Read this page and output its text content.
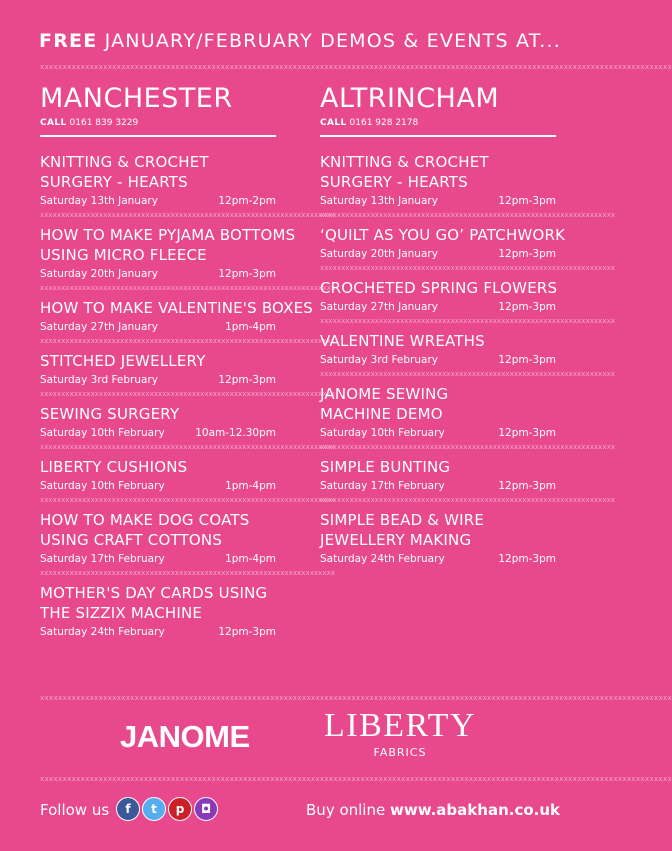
FREE JANUARY/FEBRUARY DEMOS & EVENTS AT...
xxxxxxxxxxxxxxxxxxxxxxxxxxxxxxxxxxxxxxxxxxxxxxxxxxxxxxxxxxxxxxxxxxxxxxxxxxxxxxxxxxxxxxxxxxxxxxxxxxxxxxxxxxxxxxxxxxxxxxxxxxxxxxxxxxxxxxxxxxxx
MANCHESTER
CALL 0161 839 3229
KNITTING & CROCHET
SURGERY - HEARTS
Saturday 13th January	12pm-2pm
xxxxxxxxxxxxxxxxxxxxxxxxxxxxxxxxxxxxxxxxxxxxxxxxxxxxxxxxxxxxxxxxxxxxxx
HOW TO MAKE PYJAMA BOTTOMS
USING MICRO FLEECE
Saturday 20th January	12pm-3pm
xxxxxxxxxxxxxxxxxxxxxxxxxxxxxxxxxxxxxxxxxxxxxxxxxxxxxxxxxxxxxxxxxxxxxx
HOW TO MAKE VALENTINE'S BOXES
Saturday 27th January	1pm-4pm
xxxxxxxxxxxxxxxxxxxxxxxxxxxxxxxxxxxxxxxxxxxxxxxxxxxxxxxxxxxxxxxxxxxxxx
STITCHED JEWELLERY
Saturday 3rd February	12pm-3pm
xxxxxxxxxxxxxxxxxxxxxxxxxxxxxxxxxxxxxxxxxxxxxxxxxxxxxxxxxxxxxxxxxxxxxx
SEWING SURGERY
Saturday 10th February	10am-12.30pm
xxxxxxxxxxxxxxxxxxxxxxxxxxxxxxxxxxxxxxxxxxxxxxxxxxxxxxxxxxxxxxxxxxxxxx
LIBERTY CUSHIONS
Saturday 10th February	1pm-4pm
xxxxxxxxxxxxxxxxxxxxxxxxxxxxxxxxxxxxxxxxxxxxxxxxxxxxxxxxxxxxxxxxxxxxxx
HOW TO MAKE DOG COATS
USING CRAFT COTTONS
Saturday 17th February	1pm-4pm
xxxxxxxxxxxxxxxxxxxxxxxxxxxxxxxxxxxxxxxxxxxxxxxxxxxxxxxxxxxxxxxxxxxxxx
MOTHER'S DAY CARDS USING
THE SIZZIX MACHINE
Saturday 24th February	12pm-3pm
ALTRINCHAM
CALL 0161 928 2178
KNITTING & CROCHET
SURGERY - HEARTS
Saturday 13th January	12pm-3pm
xxxxxxxxxxxxxxxxxxxxxxxxxxxxxxxxxxxxxxxxxxxxxxxxxxxxxxxxxxxxxxxxxxxxxx
‘QUILT AS YOU GO’ PATCHWORK
Saturday 20th January	12pm-3pm
xxxxxxxxxxxxxxxxxxxxxxxxxxxxxxxxxxxxxxxxxxxxxxxxxxxxxxxxxxxxxxxxxxxxxx
CROCHETED SPRING FLOWERS
Saturday 27th January	12pm-3pm
xxxxxxxxxxxxxxxxxxxxxxxxxxxxxxxxxxxxxxxxxxxxxxxxxxxxxxxxxxxxxxxxxxxxxx
VALENTINE WREATHS
Saturday 3rd February	12pm-3pm
xxxxxxxxxxxxxxxxxxxxxxxxxxxxxxxxxxxxxxxxxxxxxxxxxxxxxxxxxxxxxxxxxxxxxx
JANOME SEWING
MACHINE DEMO
Saturday 10th February	12pm-3pm
xxxxxxxxxxxxxxxxxxxxxxxxxxxxxxxxxxxxxxxxxxxxxxxxxxxxxxxxxxxxxxxxxxxxxx
SIMPLE BUNTING
Saturday 17th February	12pm-3pm
xxxxxxxxxxxxxxxxxxxxxxxxxxxxxxxxxxxxxxxxxxxxxxxxxxxxxxxxxxxxxxxxxxxxxx
SIMPLE BEAD & WIRE
JEWELLERY MAKING
Saturday 24th February	12pm-3pm
xxxxxxxxxxxxxxxxxxxxxxxxxxxxxxxxxxxxxxxxxxxxxxxxxxxxxxxxxxxxxxxxxxxxxxxxxxxxxxxxxxxxxxxxxxxxxxxxxxxxxxxxxxxxxxxxxxxxxxxxxxxxxxxxxxxxxxxxxxxx
JANOME LIBERTY
FABRICS
xxxxxxxxxxxxxxxxxxxxxxxxxxxxxxxxxxxxxxxxxxxxxxxxxxxxxxxxxxxxxxxxxxxxxxxxxxxxxxxxxxxxxxxxxxxxxxxxxxxxxxxxxxxxxxxxxxxxxxxxxxxxxxxxxxxxxxxxxxxx
Follow us	f	t	p	◘	Buy online www.abakhan.co.uk
